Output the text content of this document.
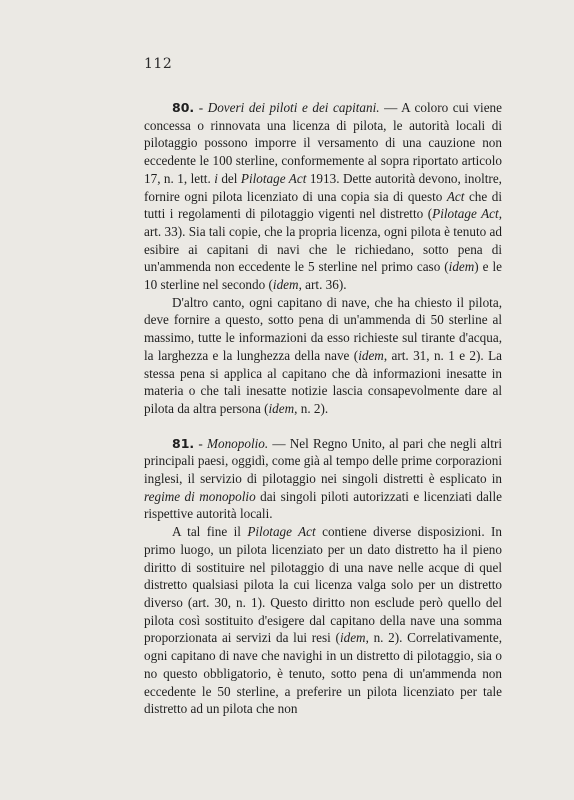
112

80. - Doveri dei piloti e dei capitani. — A coloro cui viene concessa o rinnovata una licenza di pilota, le autorità locali di pilotaggio possono imporre il versamento di una cauzione non eccedente le 100 sterline, conformemente al sopra riportato articolo 17, n. 1, lett. i del Pilotage Act 1913. Dette autorità devono, inoltre, fornire ogni pilota licenziato di una copia sia di questo Act che di tutti i regolamenti di pilotaggio vigenti nel distretto (Pilotage Act, art. 33). Sia tali copie, che la propria licenza, ogni pilota è tenuto ad esibire ai capitani di navi che le richiedano, sotto pena di un'ammenda non eccedente le 5 sterline nel primo caso (idem) e le 10 sterline nel secondo (idem, art. 36).

D'altro canto, ogni capitano di nave, che ha chiesto il pilota, deve fornire a questo, sotto pena di un'ammenda di 50 sterline al massimo, tutte le informazioni da esso richieste sul tirante d'acqua, la larghezza e la lunghezza della nave (idem, art. 31, n. 1 e 2). La stessa pena si applica al capitano che dà informazioni inesatte in materia o che tali inesatte notizie lascia consapevolmente dare al pilota da altra persona (idem, n. 2).

81. - Monopolio. — Nel Regno Unito, al pari che negli altri principali paesi, oggidì, come già al tempo delle prime corporazioni inglesi, il servizio di pilotaggio nei singoli distretti è esplicato in regime di monopolio dai singoli piloti autorizzati e licenziati dalle rispettive autorità locali.

A tal fine il Pilotage Act contiene diverse disposizioni. In primo luogo, un pilota licenziato per un dato distretto ha il pieno diritto di sostituire nel pilotaggio di una nave nelle acque di quel distretto qualsiasi pilota la cui licenza valga solo per un distretto diverso (art. 30, n. 1). Questo diritto non esclude però quello del pilota così sostituito d'esigere dal capitano della nave una somma proporzionata ai servizi da lui resi (idem, n. 2). Correlativamente, ogni capitano di nave che navighi in un distretto di pilotaggio, sia o no questo obbligatorio, è tenuto, sotto pena di un'ammenda non eccedente le 50 sterline, a preferire un pilota licenziato per tale distretto ad un pilota che non
